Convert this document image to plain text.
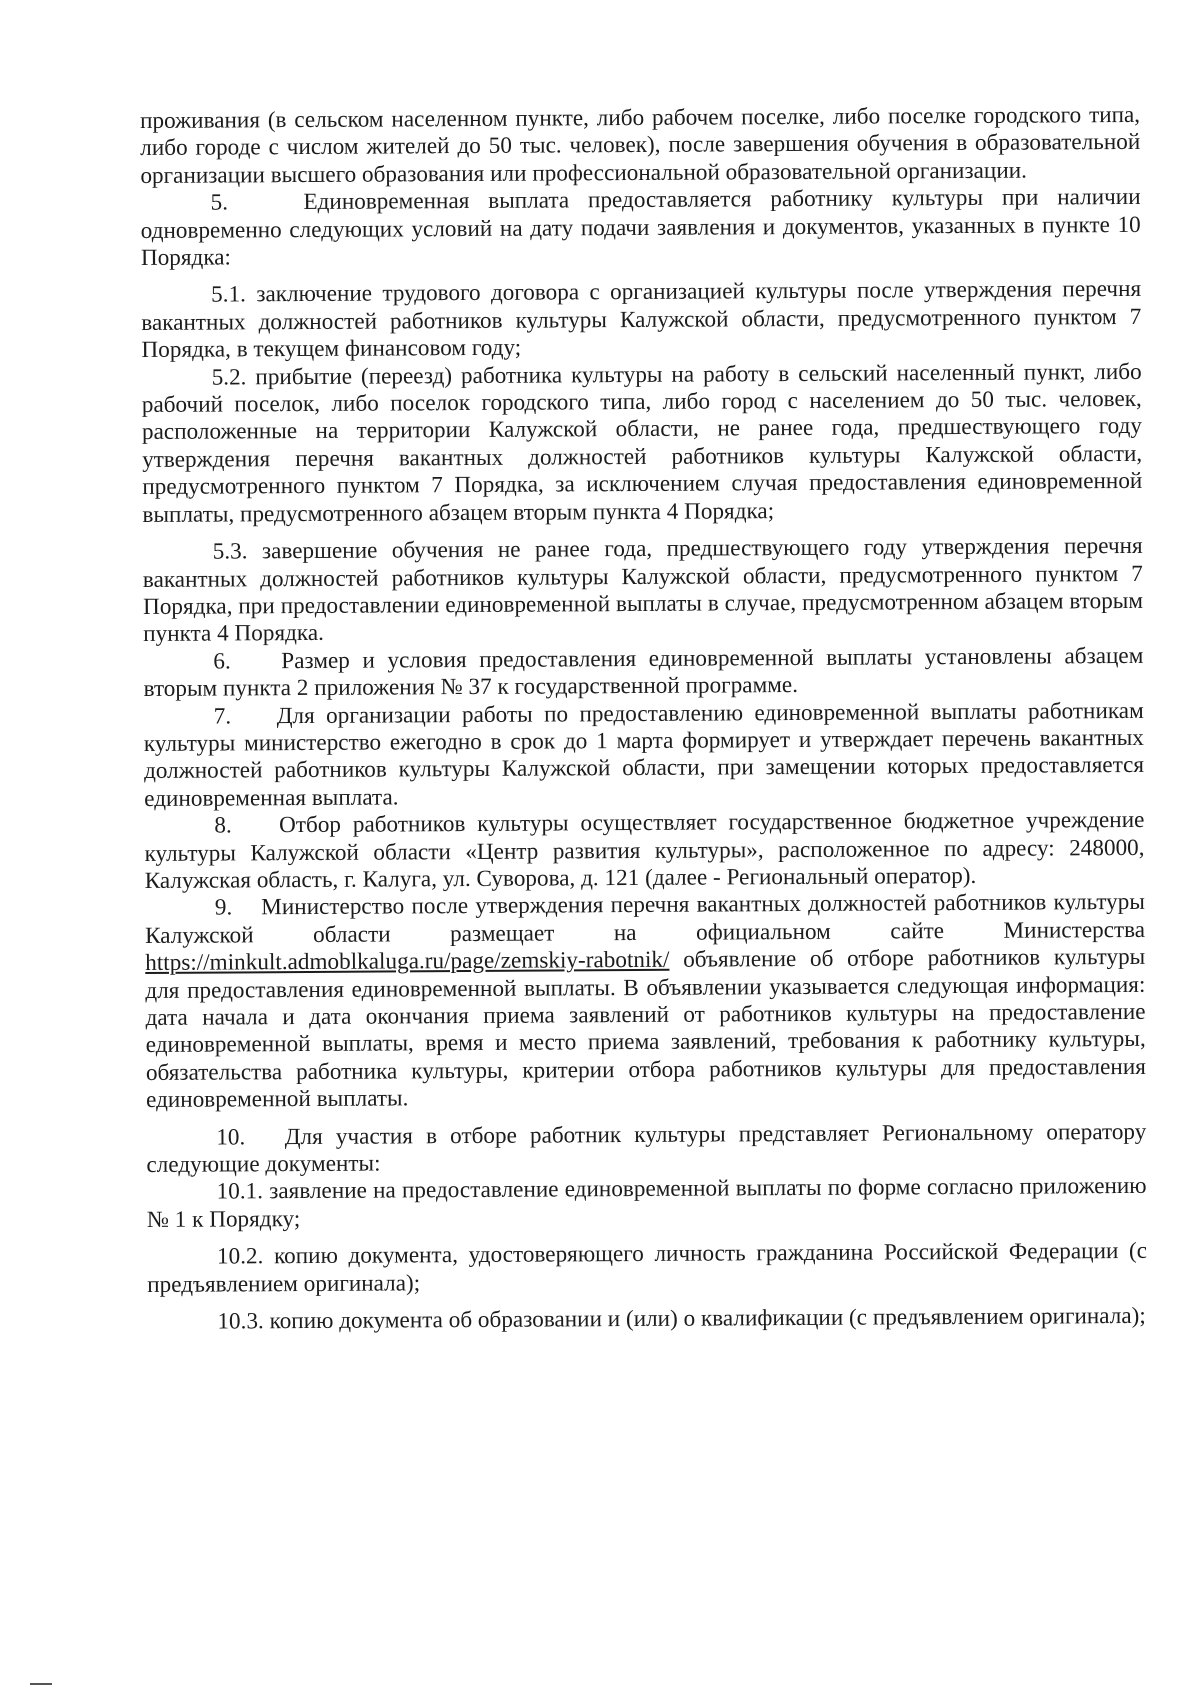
проживания (в сельском населенном пункте, либо рабочем поселке, либо поселке городского типа, либо городе с числом жителей до 50 тыс. человек), после завершения обучения в образовательной организации высшего образования или профессиональной образовательной организации.

5.    Единовременная выплата предоставляется работнику культуры при наличии одновременно следующих условий на дату подачи заявления и документов, указанных в пункте 10 Порядка:

5.1. заключение трудового договора с организацией культуры после утверждения перечня вакантных должностей работников культуры Калужской области, предусмотренного пунктом 7 Порядка, в текущем финансовом году;

5.2. прибытие (переезд) работника культуры на работу в сельский населенный пункт, либо рабочий поселок, либо поселок городского типа, либо город с населением до 50 тыс. человек, расположенные на территории Калужской области, не ранее года, предшествующего году утверждения перечня вакантных должностей работников культуры Калужской области, предусмотренного пунктом 7 Порядка, за исключением случая предоставления единовременной выплаты, предусмотренного абзацем вторым пункта 4 Порядка;

5.3. завершение обучения не ранее года, предшествующего году утверждения перечня вакантных должностей работников культуры Калужской области, предусмотренного пунктом 7 Порядка, при предоставлении единовременной выплаты в случае, предусмотренном абзацем вторым пункта 4 Порядка.

6.    Размер и условия предоставления единовременной выплаты установлены абзацем вторым пункта 2 приложения № 37 к государственной программе.

7.    Для организации работы по предоставлению единовременной выплаты работникам культуры министерство ежегодно в срок до 1 марта формирует и утверждает перечень вакантных должностей работников культуры Калужской области, при замещении которых предоставляется единовременная выплата.

8.    Отбор работников культуры осуществляет государственное бюджетное учреждение культуры Калужской области «Центр развития культуры», расположенное по адресу: 248000, Калужская область, г. Калуга, ул. Суворова, д. 121 (далее - Региональный оператор).

9.    Министерство после утверждения перечня вакантных должностей работников культуры Калужской области размещает на официальном сайте Министерства https://minkult.admoblkaluga.ru/page/zemskiy-rabotnik/ объявление об отборе работников культуры для предоставления единовременной выплаты. В объявлении указывается следующая информация: дата начала и дата окончания приема заявлений от работников культуры на предоставление единовременной выплаты, время и место приема заявлений, требования к работнику культуры, обязательства работника культуры, критерии отбора работников культуры для предоставления единовременной выплаты.

10.   Для участия в отборе работник культуры представляет Региональному оператору следующие документы:

10.1. заявление на предоставление единовременной выплаты по форме согласно приложению № 1 к Порядку;

10.2. копию документа, удостоверяющего личность гражданина Российской Федерации (с предъявлением оригинала);

10.3. копию документа об образовании и (или) о квалификации (с предъявлением оригинала);
